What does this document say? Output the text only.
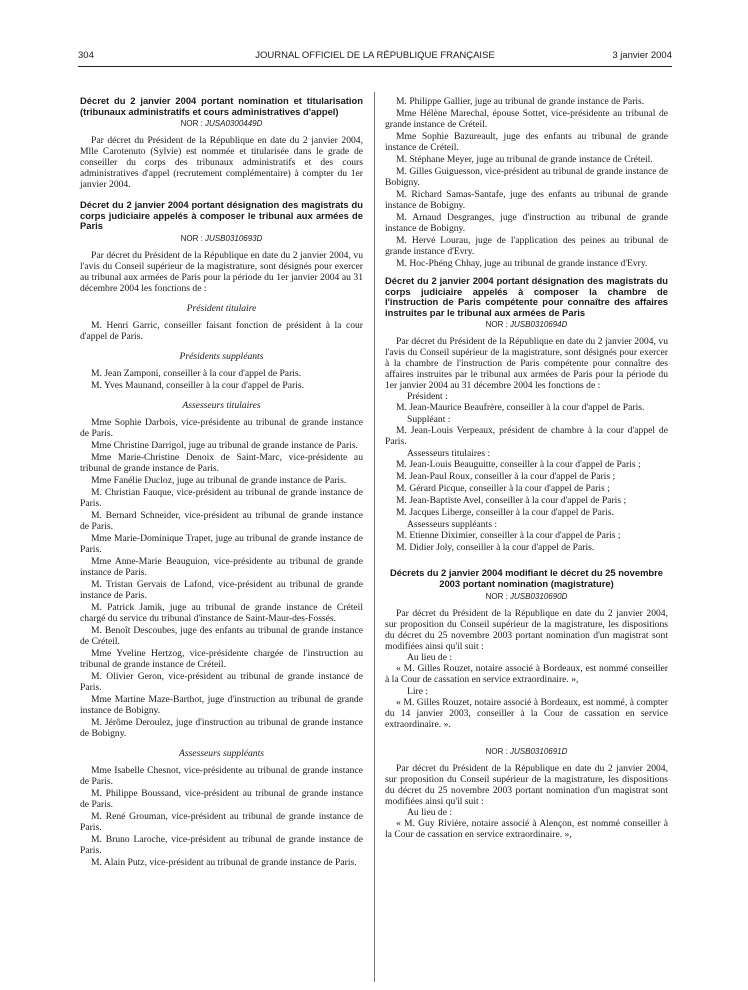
304	JOURNAL OFFICIEL DE LA RÉPUBLIQUE FRANÇAISE	3 janvier 2004

Décret du 2 janvier 2004 portant nomination et titularisation (tribunaux administratifs et cours administratives d'appel)

NOR : JUSA0300449D

Par décret du Président de la République en date du 2 janvier 2004, Mlle Carotenuto (Sylvie) est nommée et titularisée dans le grade de conseiller du corps des tribunaux administratifs et des cours administratives d'appel (recrutement complémentaire) à compter du 1er janvier 2004.

Décret du 2 janvier 2004 portant désignation des magistrats du corps judiciaire appelés à composer le tribunal aux armées de Paris

NOR : JUSB0310693D

Par décret du Président de la République en date du 2 janvier 2004, vu l'avis du Conseil supérieur de la magistrature, sont désignés pour exercer au tribunal aux armées de Paris pour la période du 1er janvier 2004 au 31 décembre 2004 les fonctions de :

Président titulaire

M. Henri Garric, conseiller faisant fonction de président à la cour d'appel de Paris.

Présidents suppléants

M. Jean Zamponi, conseiller à la cour d'appel de Paris.

M. Yves Maunand, conseiller à la cour d'appel de Paris.

Assesseurs titulaires

Mme Sophie Darbois, vice-présidente au tribunal de grande instance de Paris.

Mme Christine Darrigol, juge au tribunal de grande instance de Paris.

Mme Marie-Christine Denoix de Saint-Marc, vice-présidente au tribunal de grande instance de Paris.

Mme Fanélie Ducloz, juge au tribunal de grande instance de Paris.

M. Christian Fauque, vice-président au tribunal de grande instance de Paris.

M. Bernard Schneider, vice-président au tribunal de grande instance de Paris.

Mme Marie-Dominique Trapet, juge au tribunal de grande instance de Paris.

Mme Anne-Marie Beauguion, vice-présidente au tribunal de grande instance de Paris.

M. Tristan Gervais de Lafond, vice-président au tribunal de grande instance de Paris.

M. Patrick Jamik, juge au tribunal de grande instance de Créteil chargé du service du tribunal d'instance de Saint-Maur-des-Fossés.

M. Benoît Descoubes, juge des enfants au tribunal de grande instance de Créteil.

Mme Yveline Hertzog, vice-présidente chargée de l'instruction au tribunal de grande instance de Créteil.

M. Olivier Geron, vice-président au tribunal de grande instance de Paris.

Mme Martine Maze-Barthot, juge d'instruction au tribunal de grande instance de Bobigny.

M. Jérôme Deroulez, juge d'instruction au tribunal de grande instance de Bobigny.

Assesseurs suppléants

Mme Isabelle Chesnot, vice-présidente au tribunal de grande instance de Paris.

M. Philippe Boussand, vice-président au tribunal de grande instance de Paris.

M. René Grouman, vice-président au tribunal de grande instance de Paris.

M. Bruno Laroche, vice-président au tribunal de grande instance de Paris.

M. Alain Putz, vice-président au tribunal de grande instance de Paris.

M. Philippe Gallier, juge au tribunal de grande instance de Paris.

Mme Hélène Marechal, épouse Sottet, vice-présidente au tribunal de grande instance de Créteil.

Mme Sophie Bazureault, juge des enfants au tribunal de grande instance de Créteil.

M. Stéphane Meyer, juge au tribunal de grande instance de Créteil.

M. Gilles Guiguesson, vice-président au tribunal de grande instance de Bobigny.

M. Richard Samas-Santafe, juge des enfants au tribunal de grande instance de Bobigny.

M. Arnaud Desgranges, juge d'instruction au tribunal de grande instance de Bobigny.

M. Hervé Lourau, juge de l'application des peines au tribunal de grande instance d'Evry.

M. Hoc-Phéng Chhay, juge au tribunal de grande instance d'Evry.

Décret du 2 janvier 2004 portant désignation des magistrats du corps judiciaire appelés à composer la chambre de l'instruction de Paris compétente pour connaître des affaires instruites par le tribunal aux armées de Paris

NOR : JUSB0310694D

Par décret du Président de la République en date du 2 janvier 2004, vu l'avis du Conseil supérieur de la magistrature, sont désignés pour exercer à la chambre de l'instruction de Paris compétente pour connaître des affaires instruites par le tribunal aux armées de Paris pour la période du 1er janvier 2004 au 31 décembre 2004 les fonctions de :

Président :

M. Jean-Maurice Beaufrère, conseiller à la cour d'appel de Paris.

Suppléant :

M. Jean-Louis Verpeaux, président de chambre à la cour d'appel de Paris.

Assesseurs titulaires :

M. Jean-Louis Beauguitte, conseiller à la cour d'appel de Paris ;

M. Jean-Paul Roux, conseiller à la cour d'appel de Paris ;

M. Gérard Picque, conseiller à la cour d'appel de Paris ;

M. Jean-Baptiste Avel, conseiller à la cour d'appel de Paris ;

M. Jacques Liberge, conseiller à la cour d'appel de Paris.

Assesseurs suppléants :

M. Etienne Diximier, conseiller à la cour d'appel de Paris ;

M. Didier Joly, conseiller à la cour d'appel de Paris.

Décrets du 2 janvier 2004 modifiant le décret du 25 novembre 2003 portant nomination (magistrature)

NOR : JUSB0310690D

Par décret du Président de la République en date du 2 janvier 2004, sur proposition du Conseil supérieur de la magistrature, les dispositions du décret du 25 novembre 2003 portant nomination d'un magistrat sont modifiées ainsi qu'il suit :

Au lieu de :

« M. Gilles Rouzet, notaire associé à Bordeaux, est nommé conseiller à la Cour de cassation en service extraordinaire. »,

Lire :

« M. Gilles Rouzet, notaire associé à Bordeaux, est nommé, à compter du 14 janvier 2003, conseiller à la Cour de cassation en service extraordinaire. ».

NOR : JUSB0310691D

Par décret du Président de la République en date du 2 janvier 2004, sur proposition du Conseil supérieur de la magistrature, les dispositions du décret du 25 novembre 2003 portant nomination d'un magistrat sont modifiées ainsi qu'il suit :

Au lieu de :

« M. Guy Rivière, notaire associé à Alençon, est nommé conseiller à la Cour de cassation en service extraordinaire. »,
